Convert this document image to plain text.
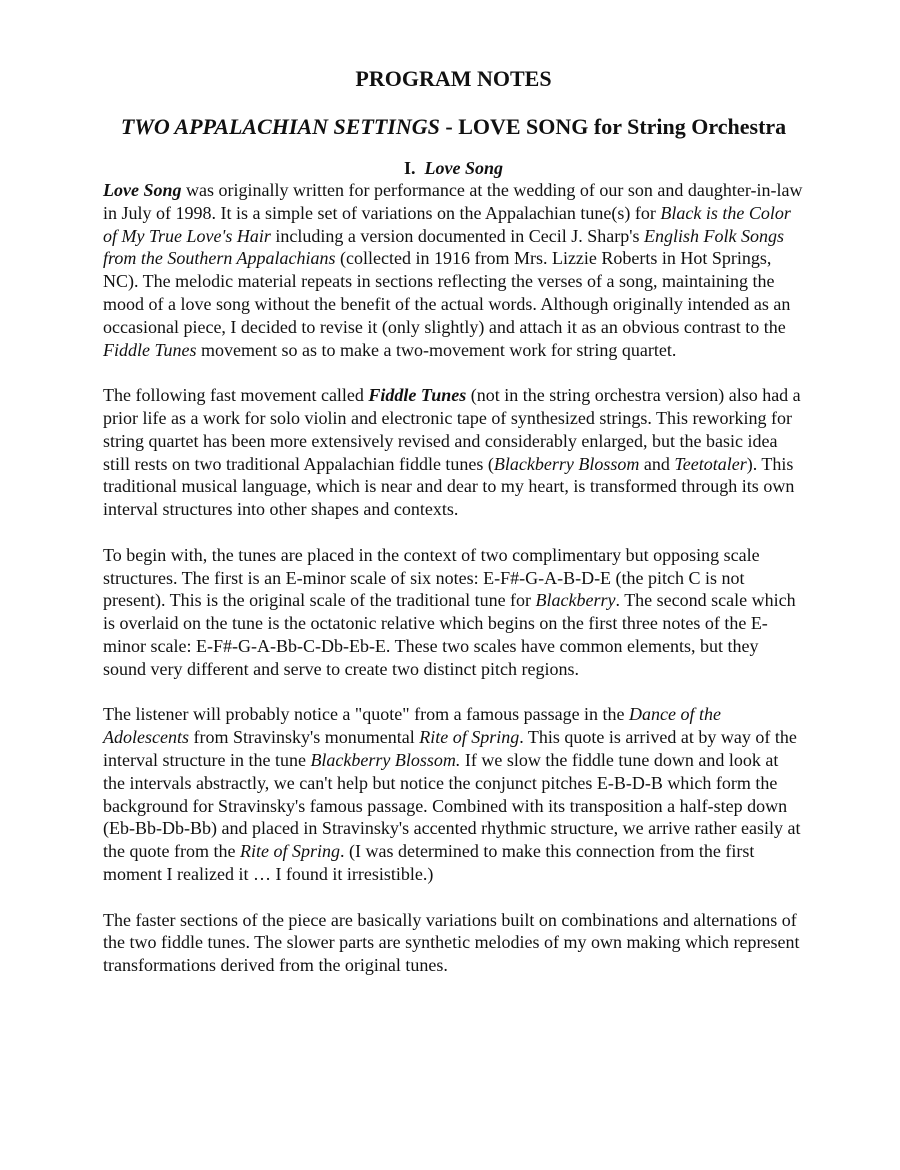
PROGRAM NOTES
TWO APPALACHIAN SETTINGS - LOVE SONG for String Orchestra
I. Love Song

Love Song was originally written for performance at the wedding of our son and daughter-in-law in July of 1998. It is a simple set of variations on the Appalachian tune(s) for Black is the Color of My True Love's Hair including a version documented in Cecil J. Sharp's English Folk Songs from the Southern Appalachians (collected in 1916 from Mrs. Lizzie Roberts in Hot Springs, NC). The melodic material repeats in sections reflecting the verses of a song, maintaining the mood of a love song without the benefit of the actual words. Although originally intended as an occasional piece, I decided to revise it (only slightly) and attach it as an obvious contrast to the Fiddle Tunes movement so as to make a two-movement work for string quartet.

The following fast movement called Fiddle Tunes (not in the string orchestra version) also had a prior life as a work for solo violin and electronic tape of synthesized strings. This reworking for string quartet has been more extensively revised and considerably enlarged, but the basic idea still rests on two traditional Appalachian fiddle tunes (Blackberry Blossom and Teetotaler). This traditional musical language, which is near and dear to my heart, is transformed through its own interval structures into other shapes and contexts.

To begin with, the tunes are placed in the context of two complimentary but opposing scale structures. The first is an E-minor scale of six notes: E-F#-G-A-B-D-E (the pitch C is not present). This is the original scale of the traditional tune for Blackberry. The second scale which is overlaid on the tune is the octatonic relative which begins on the first three notes of the E-minor scale: E-F#-G-A-Bb-C-Db-Eb-E. These two scales have common elements, but they sound very different and serve to create two distinct pitch regions.

The listener will probably notice a "quote" from a famous passage in the Dance of the Adolescents from Stravinsky's monumental Rite of Spring. This quote is arrived at by way of the interval structure in the tune Blackberry Blossom. If we slow the fiddle tune down and look at the intervals abstractly, we can't help but notice the conjunct pitches E-B-D-B which form the background for Stravinsky's famous passage. Combined with its transposition a half-step down (Eb-Bb-Db-Bb) and placed in Stravinsky's accented rhythmic structure, we arrive rather easily at the quote from the Rite of Spring. (I was determined to make this connection from the first moment I realized it … I found it irresistible.)

The faster sections of the piece are basically variations built on combinations and alternations of the two fiddle tunes. The slower parts are synthetic melodies of my own making which represent transformations derived from the original tunes.
